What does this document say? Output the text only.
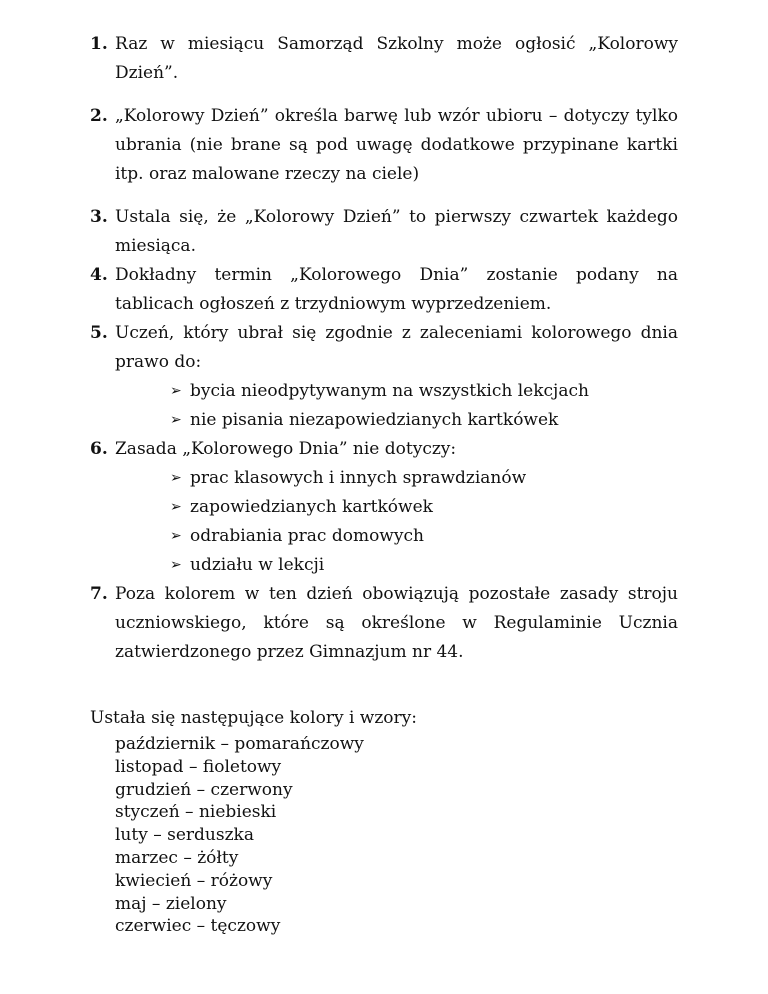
1. Raz w miesiącu Samorząd Szkolny może ogłosić „Kolorowy Dzień”.
2. „Kolorowy Dzień” określa barwę lub wzór ubioru – dotyczy tylko ubrania (nie brane są pod uwagę dodatkowe przypinane kartki itp. oraz malowane rzeczy na ciele)
3. Ustala się, że „Kolorowy Dzień” to pierwszy czwartek każdego miesiąca.
4. Dokładny termin „Kolorowego Dnia” zostanie podany na tablicach ogłoszeń z trzydniowym wyprzedzeniem.
5. Uczeń, który ubrał się zgodnie z zaleceniami kolorowego dnia prawo do:
➢ bycia nieodpytywanym na wszystkich lekcjach
➢ nie pisania niezapowiedzianych kartkówek
6. Zasada „Kolorowego Dnia” nie dotyczy:
➢ prac klasowych i innych sprawdzianów
➢ zapowiedzianych kartkówek
➢ odrabiania prac domowych
➢ udziału w lekcji
7. Poza kolorem w ten dzień obowiązują pozostałe zasady stroju uczniowskiego, które są określone w Regulaminie Ucznia zatwierdzonego przez Gimnazjum nr 44.
Ustała się następujące kolory i wzory:
październik – pomarańczowy
listopad – fioletowy
grudzień – czerwony
styczeń – niebieski
luty – serduszka
marzec – żółty
kwiecień – różowy
maj – zielony
czerwiec – tęczowy
